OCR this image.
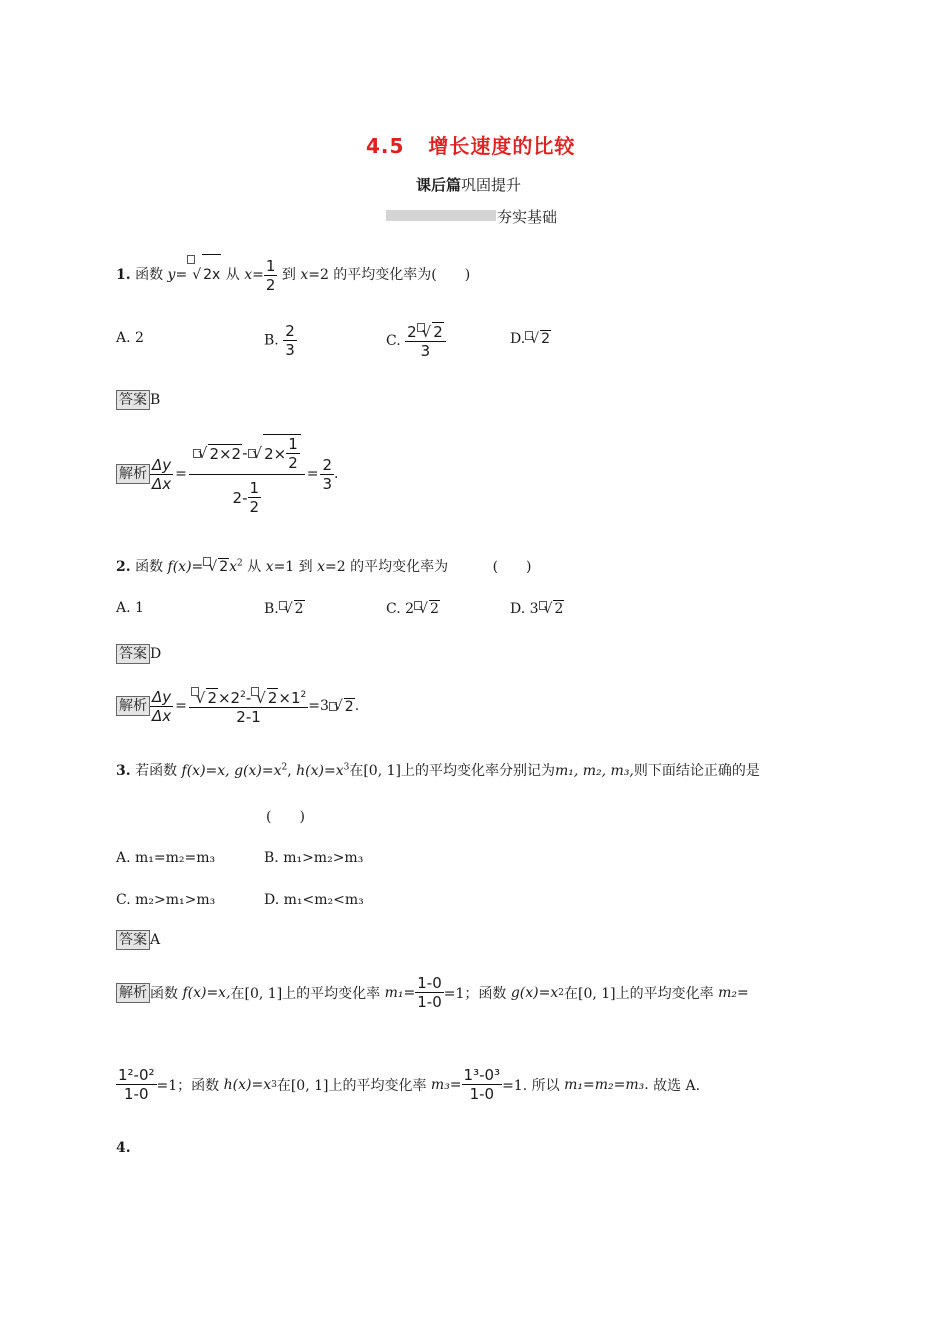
4.5 增长速度的比较
课后篇巩固提升
夯实基础
1. 函数 y= √ 2x 从 $x= \frac{1}{2}$ 到 x=2 的平均变化率为(　　)
A. 2	B. $\frac{2}{3}$	C. $\frac{2 √ 2}{3}$	D. √ 2
答案 B
解析 $\frac{\Delta y}{\Delta x} = \frac{√ 2\times 2 - √ 2\times \frac{1}{2}}{2- \frac{1}{2}} = \frac{2}{3}$ .
2. 函数 f(x)= √ $2x^2$ 从 x=1 到 x=2 的平均变化率为	(　　)
A. 1	B. √ 2	C. 2 √ 2	D. 3 √ 2
答案 D
解析 $\frac{\Delta y}{\Delta x} = \frac{√ 2\times 2^2- √ 2\times 1^2}{2-1} =3$ √ 2 .
3. 若函数 f(x)=x, $g(x)=x^2$, $h(x)=x^3$在[0, 1]上的平均变化率分别记为m₁, m₂, m₃,则下面结论正确的是
(　　)
A. m₁=m₂=m₃	B. m₁>m₂>m₃
C. m₂>m₁>m₃	D. m₁<m₂<m₃
答案 A
解析 函数
f(x)=x, 在[0, 1]上的平均变化率
$m_1= \frac{1-0}{1-0} =1$；函数
g(x)=x 2 在[0, 1]上的平均变化率
m₂=
$\frac{\text{1²-0²}}{1-0} =1$；函数
h(x)=x 3 在[0, 1]上的平均变化率
$m_3= \frac{\text{1³-0³}}{1-0} =1$. 所以
m₁=m₂=m₃.
故选 A.
4.
